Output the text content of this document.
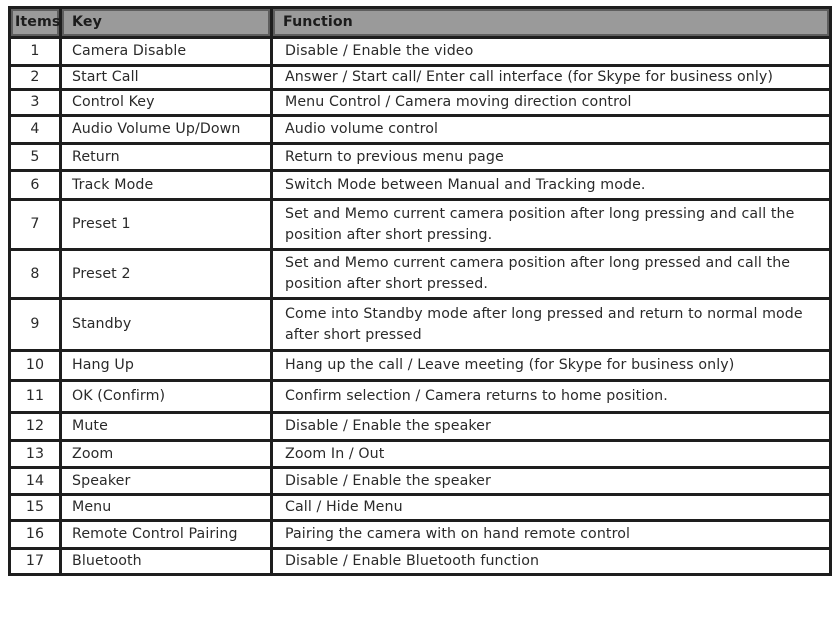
Items	Key	Function

1	Camera Disable	Disable / Enable the video
2	Start Call	Answer / Start call/ Enter call interface (for Skype for business only)
3	Control Key	Menu Control / Camera moving direction control
4	Audio Volume Up/Down	Audio volume control
5	Return	Return to previous menu page
6	Track Mode	Switch Mode between Manual and Tracking mode.
7	Preset 1	Set and Memo current camera position after long pressing and call the position after short pressing.
8	Preset 2	Set and Memo current camera position after long pressed and call the position after short pressed.
9	Standby	Come into Standby mode after long pressed and return to normal mode after short pressed
10	Hang Up	Hang up the call / Leave meeting (for Skype for business only)
11	OK (Confirm)	Confirm selection / Camera returns to home position.
12	Mute	Disable / Enable the speaker
13	Zoom	Zoom In / Out
14	Speaker	Disable / Enable the speaker
15	Menu	Call / Hide Menu
16	Remote Control Pairing	Pairing the camera with on hand remote control
17	Bluetooth	Disable / Enable Bluetooth function
